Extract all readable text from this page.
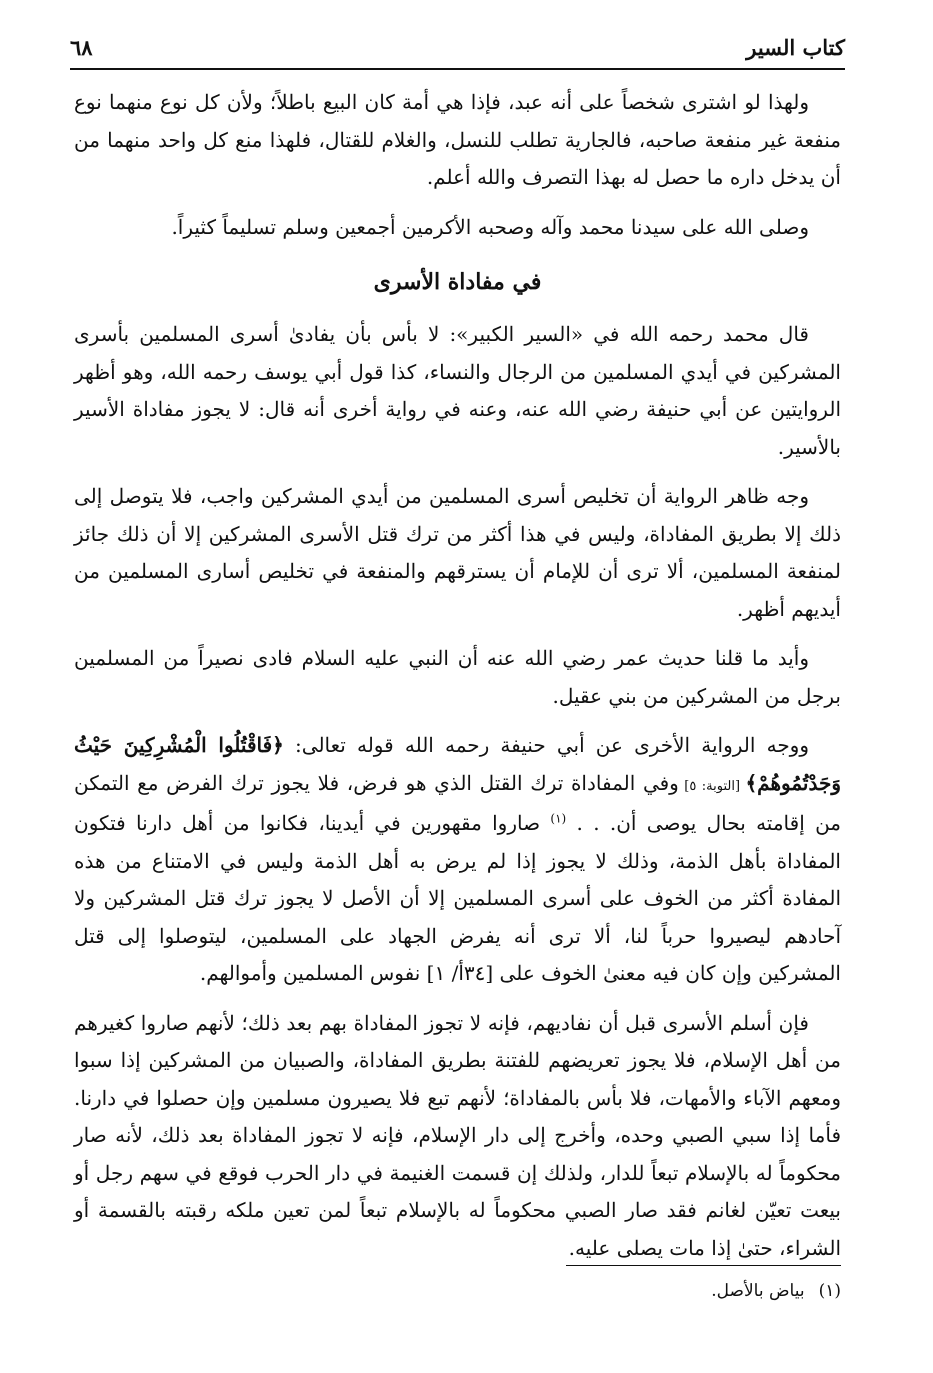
كتاب السير
٦٨

ولهذا لو اشترى شخصاً على أنه عبد، فإذا هي أمة كان البيع باطلاً؛ ولأن كل نوع منهما نوع منفعة غير منفعة صاحبه، فالجارية تطلب للنسل، والغلام للقتال، فلهذا منع كل واحد منهما من أن يدخل داره ما حصل له بهذا التصرف والله أعلم.

وصلى الله على سيدنا محمد وآله وصحبه الأكرمين أجمعين وسلم تسليماً كثيراً.

في مفاداة الأسرى

قال محمد رحمه الله في «السير الكبير»: لا بأس بأن يفادىٰ أسرى المسلمين بأسرى المشركين في أيدي المسلمين من الرجال والنساء، كذا قول أبي يوسف رحمه الله، وهو أظهر الروايتين عن أبي حنيفة رضي الله عنه، وعنه في رواية أخرى أنه قال: لا يجوز مفاداة الأسير بالأسير.

وجه ظاهر الرواية أن تخليص أسرى المسلمين من أيدي المشركين واجب، فلا يتوصل إلى ذلك إلا بطريق المفاداة، وليس في هذا أكثر من ترك قتل الأسرى المشركين إلا أن ذلك جائز لمنفعة المسلمين، ألا ترى أن للإمام أن يسترقهم والمنفعة في تخليص أسارى المسلمين من أيديهم أظهر.

وأيد ما قلنا حديث عمر رضي الله عنه أن النبي عليه السلام فادى نصيراً من المسلمين برجل من المشركين من بني عقيل.

ووجه الرواية الأخرى عن أبي حنيفة رحمه الله قوله تعالى: ﴿فَاقْتُلُوا الْمُشْرِكِينَ حَيْثُ وَجَدْتُمُوهُمْ﴾ [التوبة: ٥] وفي المفاداة ترك القتل الذي هو فرض، فلا يجوز ترك الفرض مع التمكن من إقامته بحال يوصى أن. . . $^{(١)}$ صاروا مقهورين في أيدينا، فكانوا من أهل دارنا فتكون المفاداة بأهل الذمة، وذلك لا يجوز إذا لم يرض به أهل الذمة وليس في الامتناع من هذه المفادة أكثر من الخوف على أسرى المسلمين إلا أن الأصل لا يجوز ترك قتل المشركين ولا آحادهم ليصيروا حرباً لنا، ألا ترى أنه يفرض الجهاد على المسلمين، ليتوصلوا إلى قتل المشركين وإن كان فيه معنىٰ الخوف على [٣٤أ/ ١] نفوس المسلمين وأموالهم.

فإن أسلم الأسرى قبل أن نفاديهم، فإنه لا تجوز المفاداة بهم بعد ذلك؛ لأنهم صاروا كغيرهم من أهل الإسلام، فلا يجوز تعريضهم للفتنة بطريق المفاداة، والصبيان من المشركين إذا سبوا ومعهم الآباء والأمهات، فلا بأس بالمفاداة؛ لأنهم تبع فلا يصيرون مسلمين وإن حصلوا في دارنا. فأما إذا سبي الصبي وحده، وأخرج إلى دار الإسلام، فإنه لا تجوز المفاداة بعد ذلك، لأنه صار محكوماً له بالإسلام تبعاً للدار، ولذلك إن قسمت الغنيمة في دار الحرب فوقع في سهم رجل أو بيعت تعيّن لغانم فقد صار الصبي محكوماً له بالإسلام تبعاً لمن تعين ملكه رقبته بالقسمة أو الشراء، حتىٰ إذا مات يصلى عليه.

(١)بياض بالأصل.
